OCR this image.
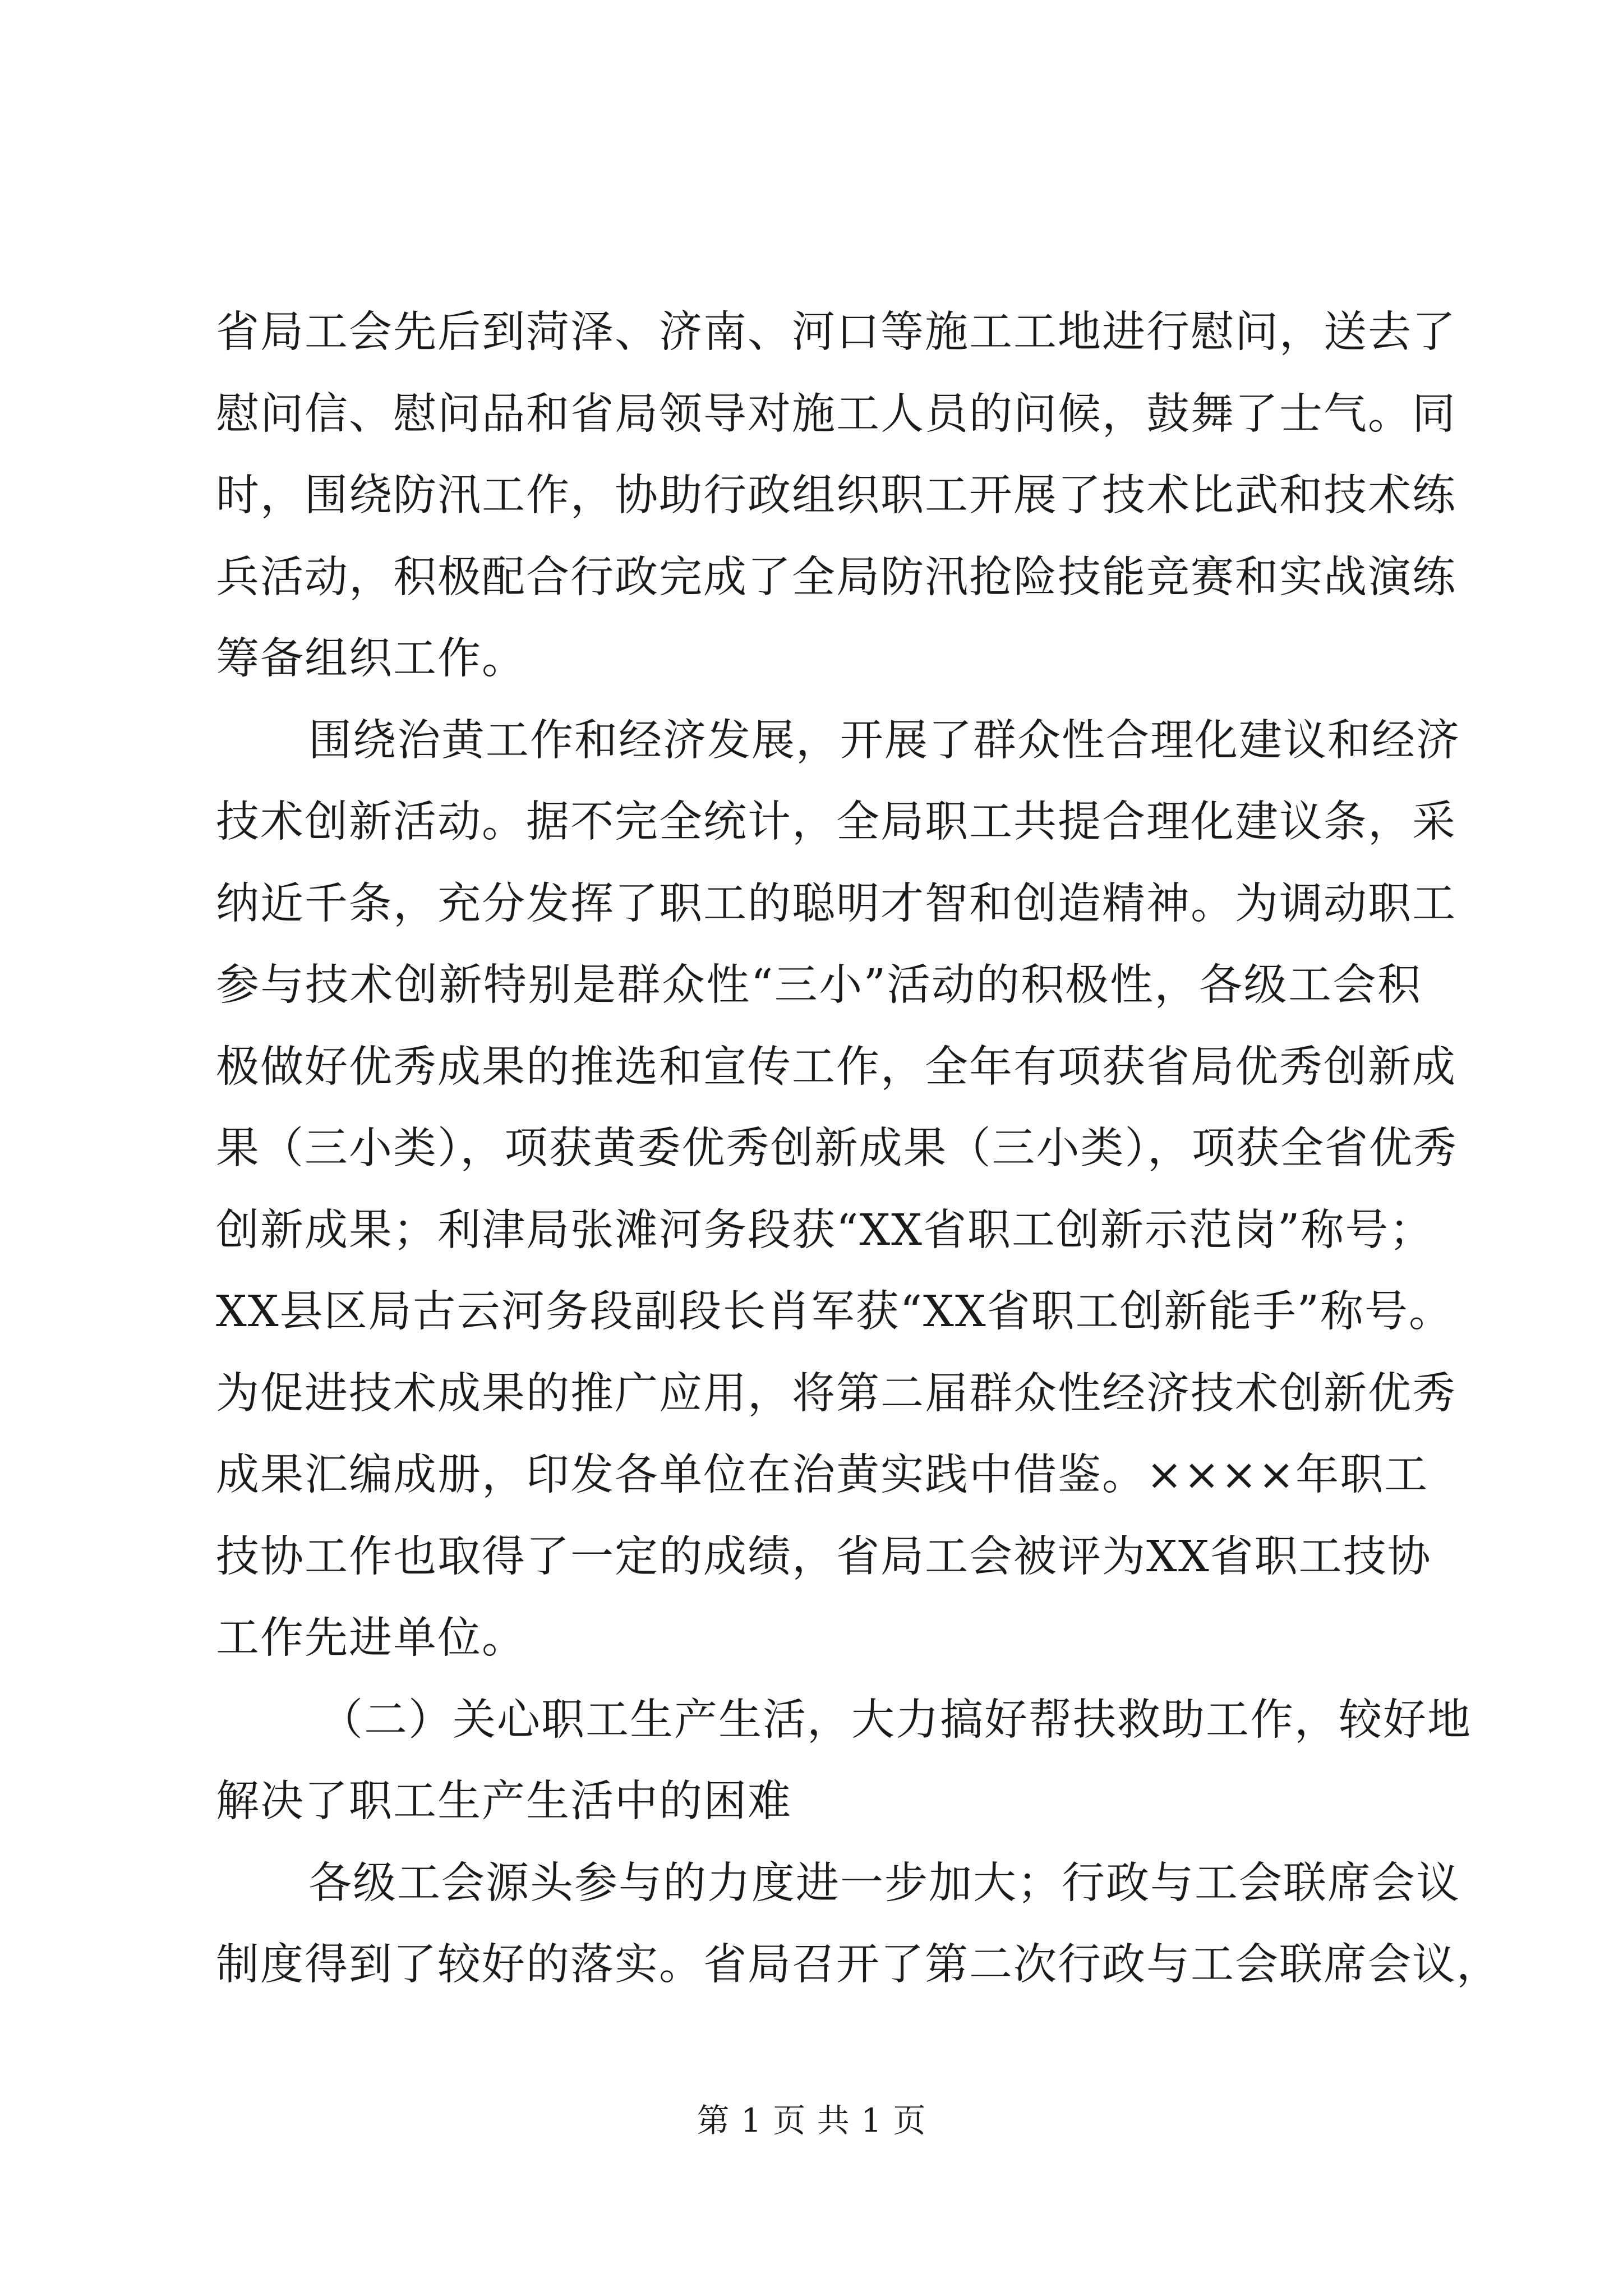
省局工会先后到菏泽、济南、河口等施工工地进行慰问，送去了
慰问信、慰问品和省局领导对施工人员的问候，鼓舞了士气。同
时，围绕防汛工作，协助行政组织职工开展了技术比武和技术练
兵活动，积极配合行政完成了全局防汛抢险技能竞赛和实战演练
筹备组织工作。
围绕治黄工作和经济发展，开展了群众性合理化建议和经济
技术创新活动。据不完全统计，全局职工共提合理化建议条，采
纳近千条，充分发挥了职工的聪明才智和创造精神。为调动职工
参与技术创新特别是群众性“三小”活动的积极性，各级工会积
极做好优秀成果的推选和宣传工作，全年有项获省局优秀创新成
果（三小类），项获黄委优秀创新成果（三小类），项获全省优秀
创新成果；利津局张滩河务段获“XX省职工创新示范岗”称号；
XX县区局古云河务段副段长肖军获“XX省职工创新能手”称号。
为促进技术成果的推广应用，将第二届群众性经济技术创新优秀
成果汇编成册，印发各单位在治黄实践中借鉴。××××年职工
技协工作也取得了一定的成绩，省局工会被评为XX省职工技协
工作先进单位。
（二）关心职工生产生活，大力搞好帮扶救助工作，较好地
解决了职工生产生活中的困难
各级工会源头参与的力度进一步加大；行政与工会联席会议
制度得到了较好的落实。省局召开了第二次行政与工会联席会议，
第 1 页 共 1 页
